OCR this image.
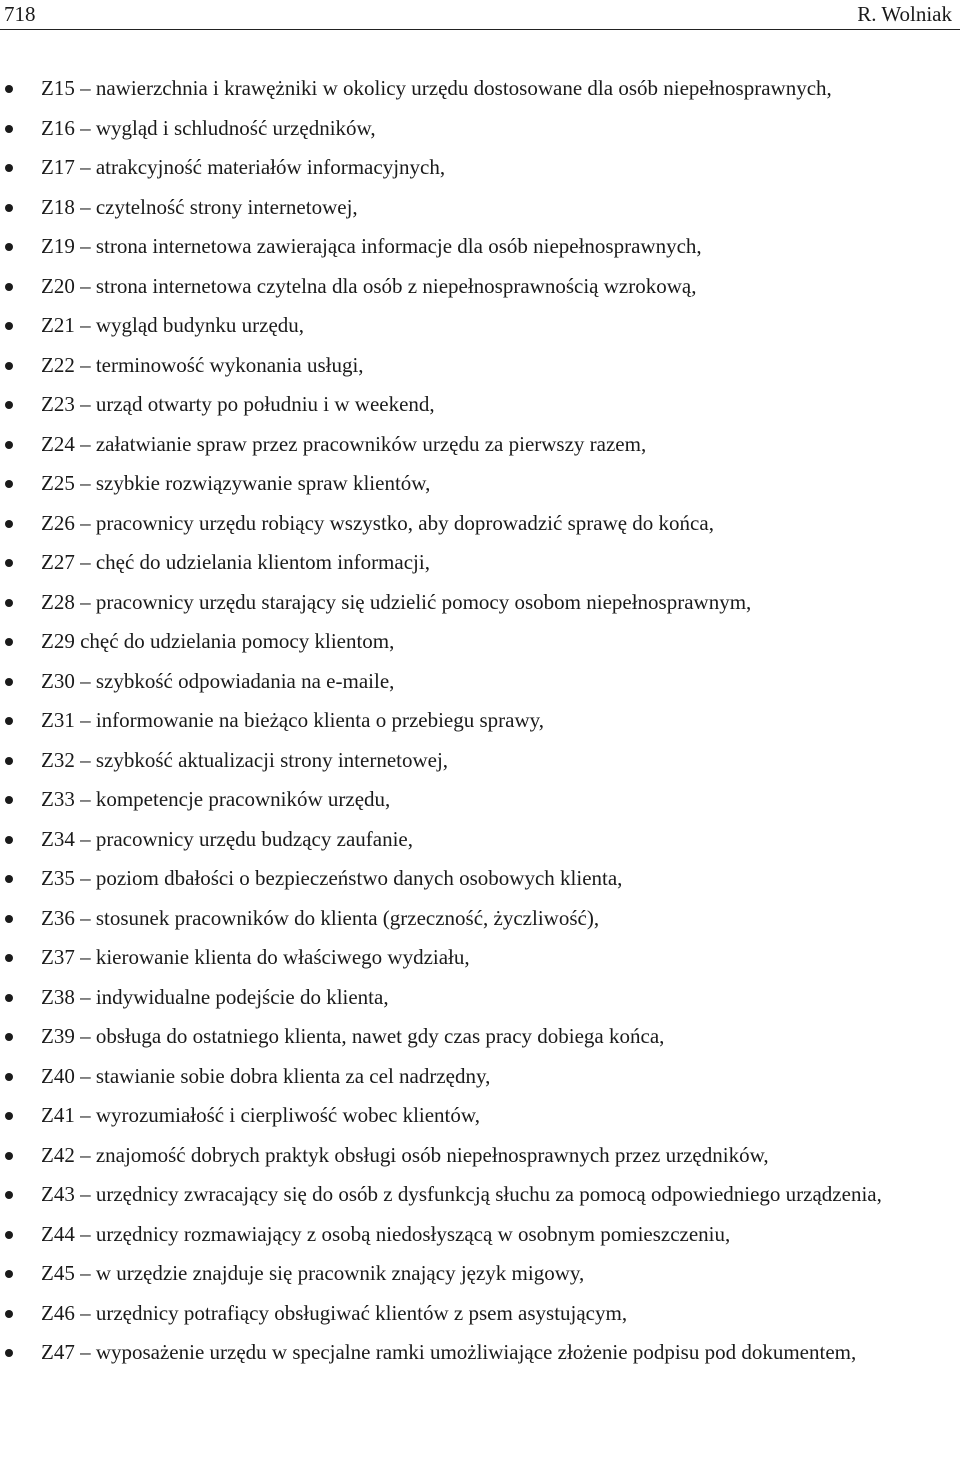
718	R. Wolniak
Z15 – nawierzchnia i krawężniki w okolicy urzędu dostosowane dla osób niepełnosprawnych,
Z16 – wygląd i schludność urzędników,
Z17 – atrakcyjność materiałów informacyjnych,
Z18 – czytelność strony internetowej,
Z19 – strona internetowa zawierająca informacje dla osób niepełnosprawnych,
Z20 – strona internetowa czytelna dla osób z niepełnosprawnością wzrokową,
Z21 – wygląd budynku urzędu,
Z22 – terminowość wykonania usługi,
Z23 – urząd otwarty po południu i w weekend,
Z24 – załatwianie spraw przez pracowników urzędu za pierwszy razem,
Z25 – szybkie rozwiązywanie spraw klientów,
Z26 – pracownicy urzędu robiący wszystko, aby doprowadzić sprawę do końca,
Z27 – chęć do udzielania klientom informacji,
Z28 – pracownicy urzędu starający się udzielić pomocy osobom niepełnosprawnym,
Z29 chęć do udzielania pomocy klientom,
Z30 – szybkość odpowiadania na e-maile,
Z31 – informowanie na bieżąco klienta o przebiegu sprawy,
Z32 – szybkość aktualizacji strony internetowej,
Z33 – kompetencje pracowników urzędu,
Z34 – pracownicy urzędu budzący zaufanie,
Z35 – poziom dbałości o bezpieczeństwo danych osobowych klienta,
Z36 – stosunek pracowników do klienta (grzeczność, życzliwość),
Z37 – kierowanie klienta do właściwego wydziału,
Z38 – indywidualne podejście do klienta,
Z39 – obsługa do ostatniego klienta, nawet gdy czas pracy dobiega końca,
Z40 – stawianie sobie dobra klienta za cel nadrzędny,
Z41 – wyrozumiałość i cierpliwość wobec klientów,
Z42 – znajomość dobrych praktyk obsługi osób niepełnosprawnych przez urzędników,
Z43 – urzędnicy zwracający się do osób z dysfunkcją słuchu za pomocą odpowiedniego urządzenia,
Z44 – urzędnicy rozmawiający z osobą niedosłyszącą w osobnym pomieszczeniu,
Z45 – w urzędzie znajduje się pracownik znający język migowy,
Z46 – urzędnicy potrafiący obsługiwać klientów z psem asystującym,
Z47 – wyposażenie urzędu w specjalne ramki umożliwiające złożenie podpisu pod dokumentem,
